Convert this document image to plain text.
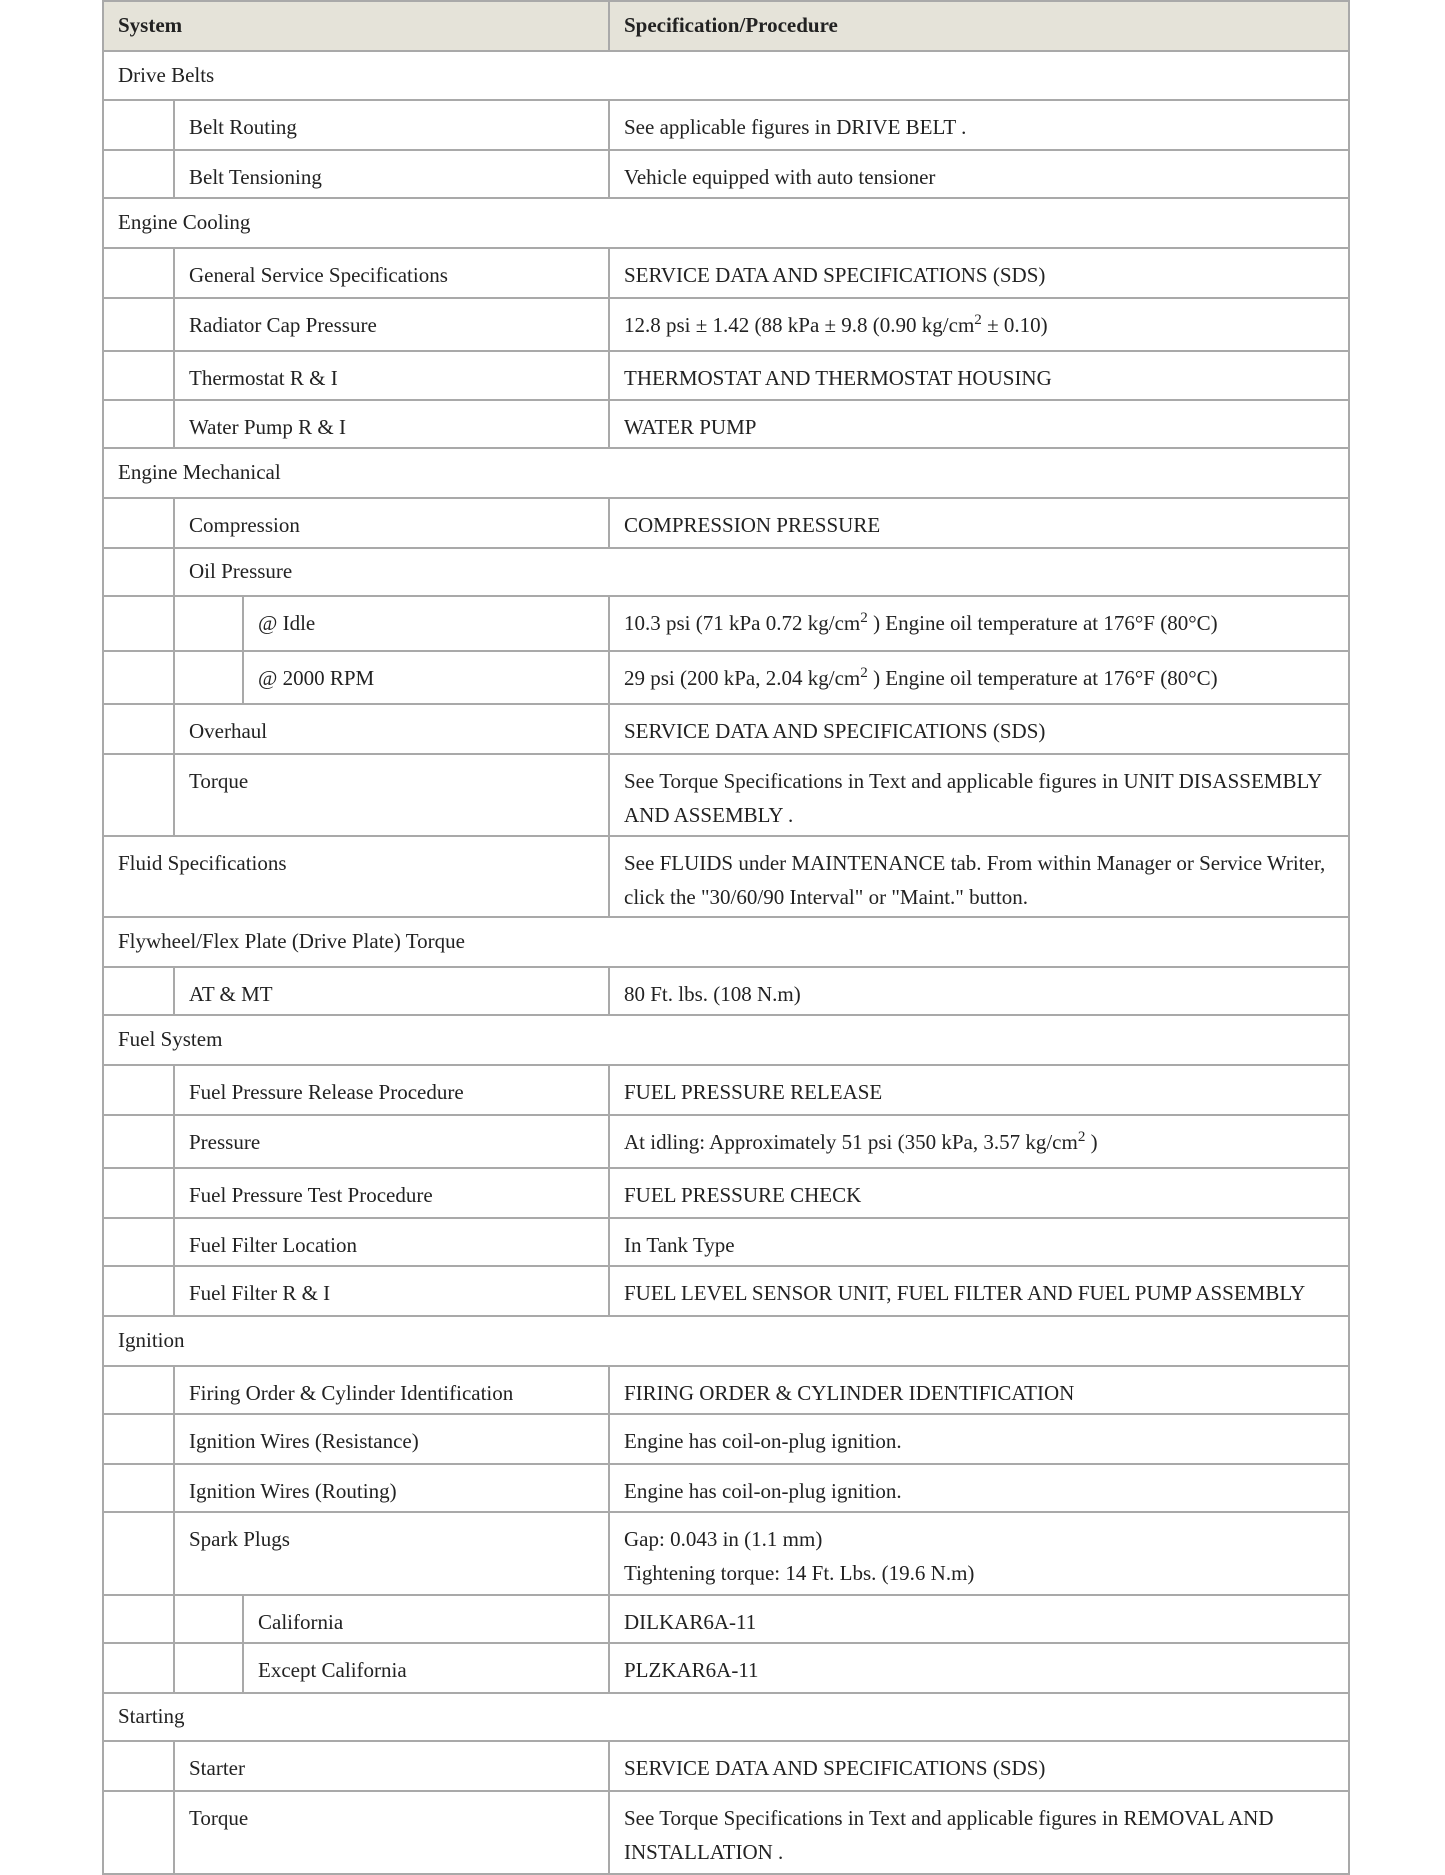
System			Specification/Procedure
Drive Belts			
	Belt Routing		See applicable figures in DRIVE BELT .

	Belt Tensioning		Vehicle equipped with auto tensioner

Engine Cooling			
	General Service Specifications		SERVICE DATA AND SPECIFICATIONS (SDS)

	Radiator Cap Pressure		12.8 psi ± 1.42 (88 kPa ± 9.8 (0.90 $kg/cm^2 \pm 0.10$)

	Thermostat R & I		THERMOSTAT AND THERMOSTAT HOUSING

	Water Pump R & I		WATER PUMP

Engine Mechanical			
	Compression		COMPRESSION PRESSURE

	Oil Pressure		
		@ Idle	10.3 psi (71 kPa 0.72 $kg/cm^2$ ) Engine oil temperature at 176°F (80°C)

		@ 2000 RPM	29 psi (200 kPa, 2.04 $kg/cm^2$ ) Engine oil temperature at 176°F (80°C)

	Overhaul		SERVICE DATA AND SPECIFICATIONS (SDS)

	Torque		See Torque Specifications in Text and applicable figures in UNIT DISASSEMBLY AND ASSEMBLY .

Fluid Specifications			See FLUIDS under MAINTENANCE tab. From within Manager or Service Writer, click the "30/60/90 Interval" or "Maint." button.

Flywheel/Flex Plate (Drive Plate) Torque			
	AT & MT		80 Ft. lbs. (108 N.m)

Fuel System			
	Fuel Pressure Release Procedure		FUEL PRESSURE RELEASE

	Pressure		At idling: Approximately 51 psi (350 kPa, 3.57 $kg/cm^2$ )

	Fuel Pressure Test Procedure		FUEL PRESSURE CHECK

	Fuel Filter Location		In Tank Type

	Fuel Filter R & I		FUEL LEVEL SENSOR UNIT, FUEL FILTER AND FUEL PUMP ASSEMBLY

Ignition			
	Firing Order & Cylinder Identification		FIRING ORDER & CYLINDER IDENTIFICATION

	Ignition Wires (Resistance)		Engine has coil-on-plug ignition.

	Ignition Wires (Routing)		Engine has coil-on-plug ignition.

	Spark Plugs		Gap: 0.043 in (1.1 mm)
Tightening torque: 14 Ft. Lbs. (19.6 N.m)

		California	DILKAR6A-11

		Except California	PLZKAR6A-11

Starting			
	Starter		SERVICE DATA AND SPECIFICATIONS (SDS)

	Torque		See Torque Specifications in Text and applicable figures in REMOVAL AND INSTALLATION .
